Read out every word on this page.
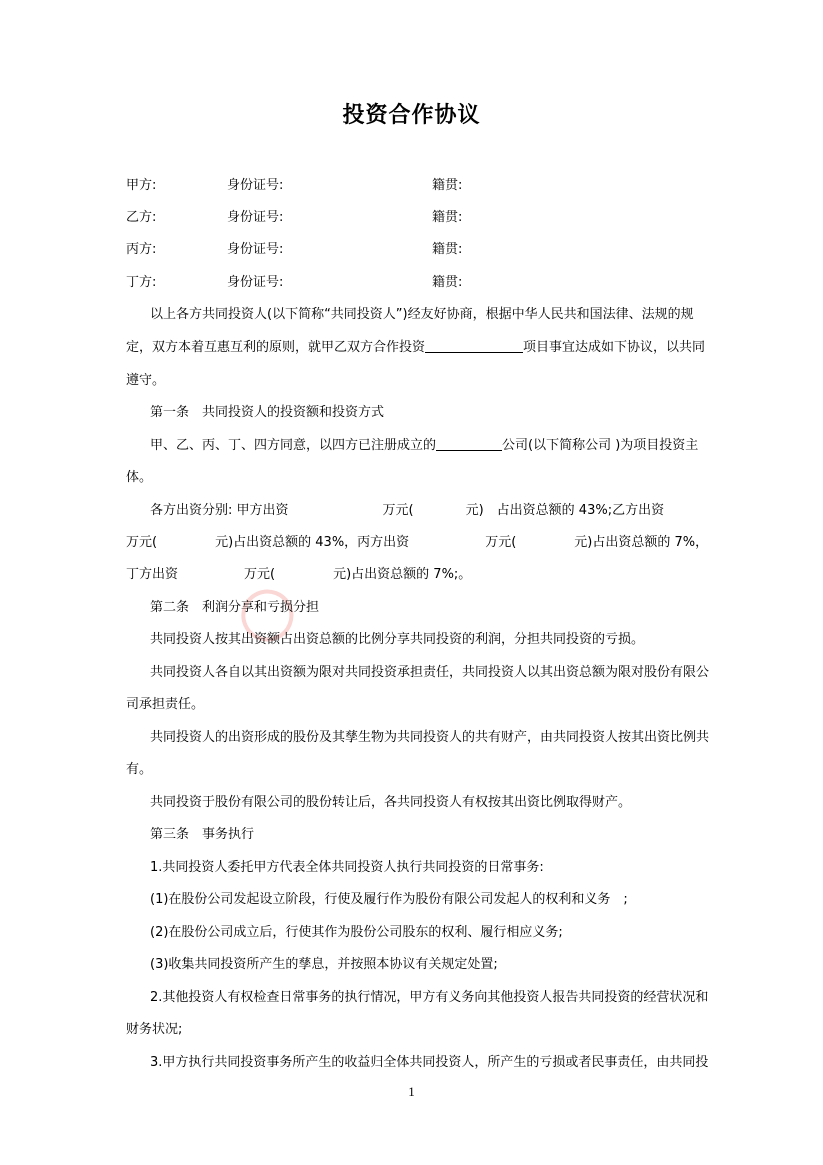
投资合作协议
甲方:	身份证号:	籍贯:
乙方:	身份证号:	籍贯:
丙方:	身份证号:	籍贯:
丁方:	身份证号:	籍贯:
以上各方共同投资人(以下简称“共同投资人”)经友好协商，根据中华人民共和国法律、法规的规
定，双方本着互惠互利的原则，就甲乙双方合作投资	项目事宜达成如下协议，以共同
遵守。
第一条　共同投资人的投资额和投资方式
甲、乙、丙、丁、四方同意，以四方已注册成立的	公司(以下简称公司 )为项目投资主
体。
各方出资分别: 甲方出资	万元(	元)　占出资总额的 43%;乙方出资
万元(	元)占出资总额的 43%，丙方出资	万元(	元)占出资总额的 7%，
丁方出资	万元(	元)占出资总额的 7%;。
第二条　利润分享和亏损分担
共同投资人按其出资额占出资总额的比例分享共同投资的利润，分担共同投资的亏损。
共同投资人各自以其出资额为限对共同投资承担责任，共同投资人以其出资总额为限对股份有限公
司承担责任。
共同投资人的出资形成的股份及其孳生物为共同投资人的共有财产，由共同投资人按其出资比例共
有。
共同投资于股份有限公司的股份转让后，各共同投资人有权按其出资比例取得财产。
第三条　事务执行
1.共同投资人委托甲方代表全体共同投资人执行共同投资的日常事务:
(1)在股份公司发起设立阶段，行使及履行作为股份有限公司发起人的权利和义务　;
(2)在股份公司成立后，行使其作为股份公司股东的权利、履行相应义务;
(3)收集共同投资所产生的孳息，并按照本协议有关规定处置;
2.其他投资人有权检查日常事务的执行情况，甲方有义务向其他投资人报告共同投资的经营状况和
财务状况;
3.甲方执行共同投资事务所产生的收益归全体共同投资人，所产生的亏损或者民事责任，由共同投
1
